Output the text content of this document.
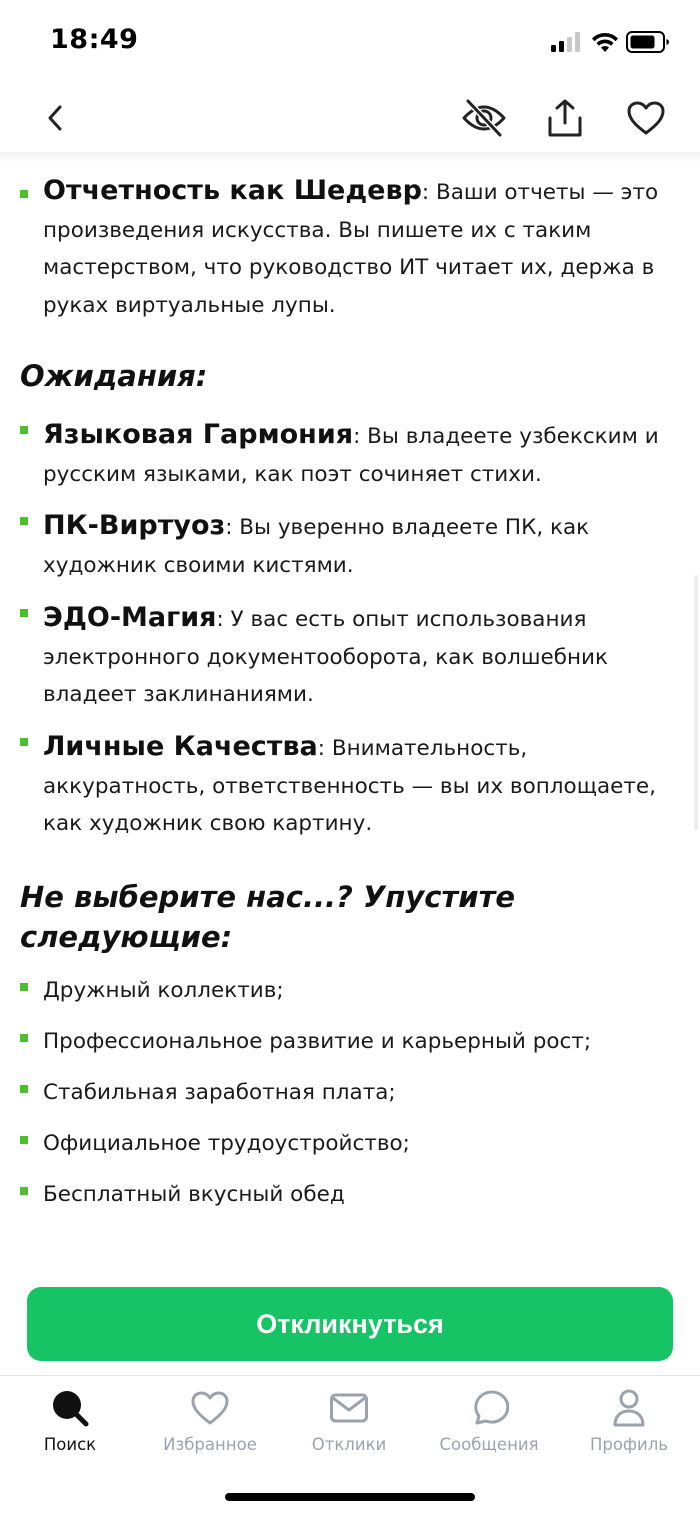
18:49
Отчетность как Шедевр: Ваши отчеты — это произведения искусства. Вы пишете их с таким мастерством, что руководство ИТ читает их, держа в руках виртуальные лупы.
Ожидания:
Языковая Гармония: Вы владеете узбекским и русским языками, как поэт сочиняет стихи.
ПК-Виртуоз: Вы уверенно владеете ПК, как художник своими кистями.
ЭДО-Магия: У вас есть опыт использования электронного документооборота, как волшебник владеет заклинаниями.
Личные Качества: Внимательность, аккуратность, ответственность — вы их воплощаете, как художник свою картину.
Не выберите нас...? Упустите следующие:
Дружный коллектив;
Профессиональное развитие и карьерный рост;
Стабильная заработная плата;
Официальное трудоустройство;
Бесплатный вкусный обед
Откликнуться
Поиск	Избранное	Отклики	Сообщения	Профиль
